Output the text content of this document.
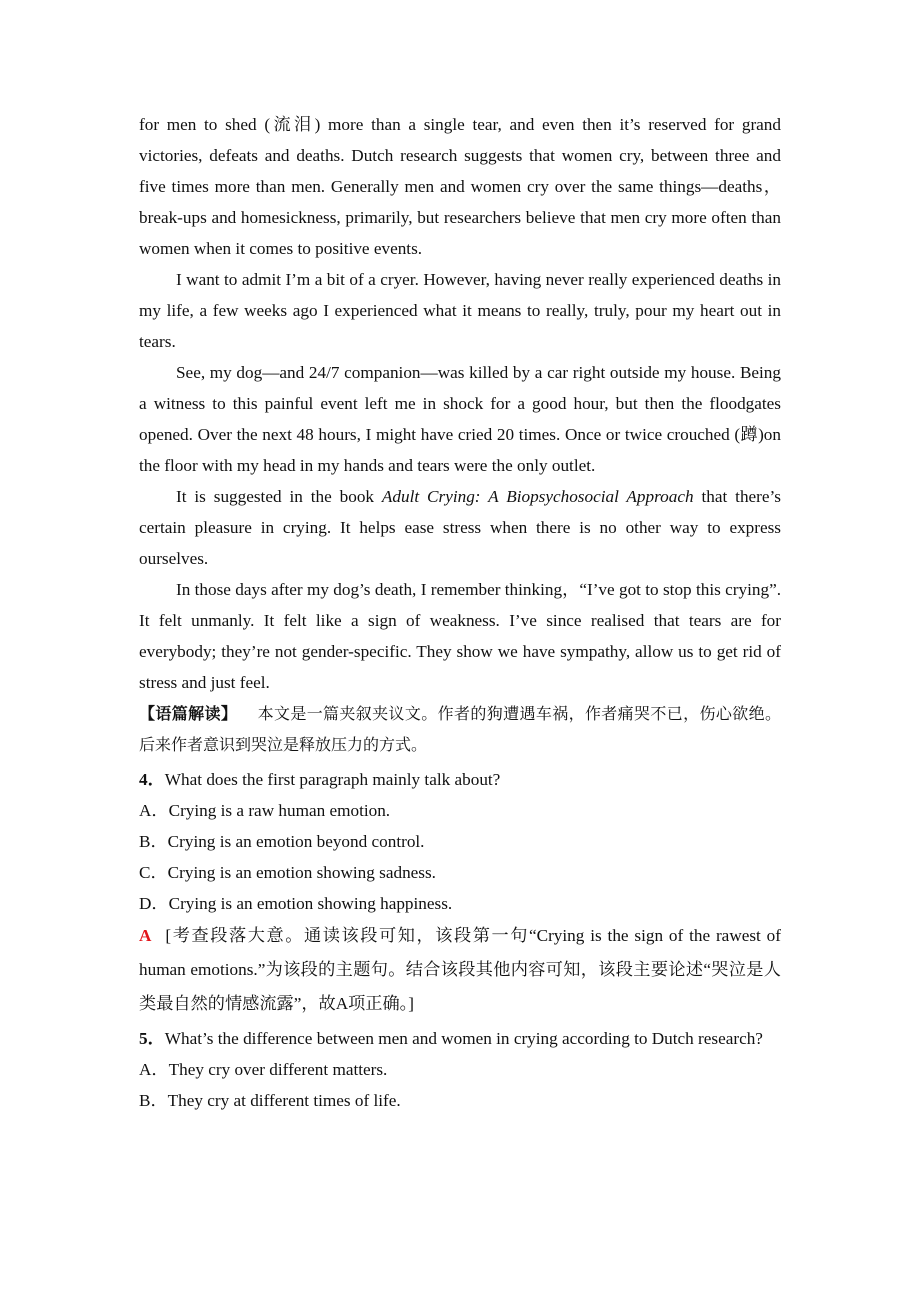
for men to shed (流泪) more than a single tear, and even then it’s reserved for grand victories, defeats and deaths. Dutch research suggests that women cry, between three and five times more than men. Generally men and women cry over the same things—deaths， break-ups and homesickness, primarily, but researchers believe that men cry more often than women when it comes to positive events.

I want to admit I’m a bit of a cryer. However, having never really experienced deaths in my life, a few weeks ago I experienced what it means to really, truly, pour my heart out in tears.

See, my dog—and 24/7 companion—was killed by a car right outside my house. Being a witness to this painful event left me in shock for a good hour, but then the floodgates opened. Over the next 48 hours, I might have cried 20 times. Once or twice crouched (蹲)on the floor with my head in my hands and tears were the only outlet.

It is suggested in the book Adult Crying: A Biopsychosocial Approach that there’s certain pleasure in crying. It helps ease stress when there is no other way to express ourselves.

In those days after my dog’s death, I remember thinking，“I’ve got to stop this crying”. It felt unmanly. It felt like a sign of weakness. I’ve since realised that tears are for everybody; they’re not gender-specific. They show we have sympathy, allow us to get rid of stress and just feel.

【语篇解读】 本文是一篇夹叙夹议文。作者的狗遭遇车祸，作者痛哭不已，伤心欲绝。后来作者意识到哭泣是释放压力的方式。

4．What does the first paragraph mainly talk about?

A．Crying is a raw human emotion.

B．Crying is an emotion beyond control.

C．Crying is an emotion showing sadness.

D．Crying is an emotion showing happiness.

A [考查段落大意。通读该段可知，该段第一句“Crying is the sign of the rawest of human emotions.”为该段的主题句。结合该段其他内容可知，该段主要论述“哭泣是人类最自然的情感流露”，故A项正确。]

5．What’s the difference between men and women in crying according to Dutch research?

A．They cry over different matters.

B．They cry at different times of life.
